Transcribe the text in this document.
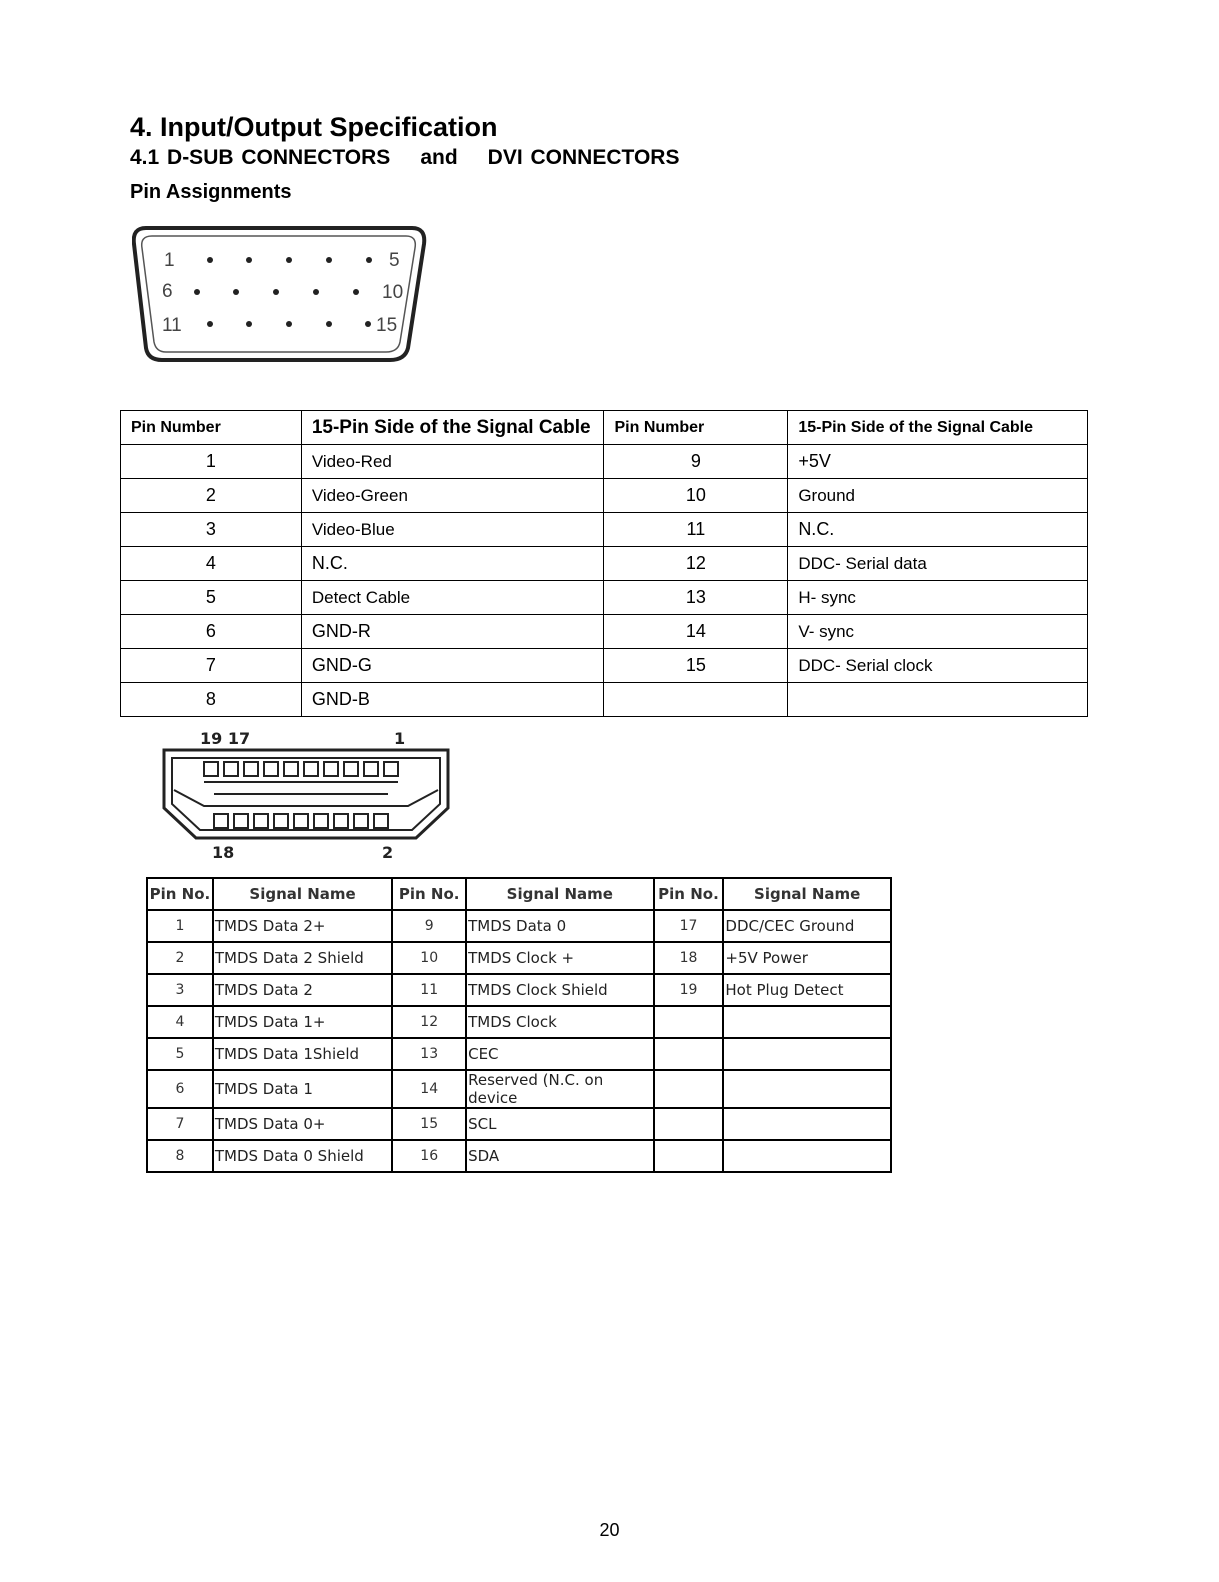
4. Input/Output Specification
4.1 D-SUB CONNECTORS and DVI CONNECTORS
Pin Assignments
1	5
6	10
11	15
Pin Number	15-Pin Side of the Signal Cable	Pin Number	15-Pin Side of the Signal Cable
1	Video-Red	9	+5V
2	Video-Green	10	Ground
3	Video-Blue	11	N.C.
4	N.C.	12	DDC- Serial data
5	Detect Cable	13	H- sync
6	GND-R	14	V- sync
7	GND-G	15	DDC- Serial clock
8	GND-B		
19 17	1
18	2
Pin No.	Signal Name	Pin No.	Signal Name	Pin No.	Signal Name
1	TMDS Data 2+	9	TMDS Data 0	17	DDC/CEC Ground
2	TMDS Data 2 Shield	10	TMDS Clock +	18	+5V Power
3	TMDS Data 2	11	TMDS Clock Shield	19	Hot Plug Detect
4	TMDS Data 1+	12	TMDS Clock		
5	TMDS Data 1Shield	13	CEC		
6	TMDS Data 1	14	Reserved (N.C. on device		
7	TMDS Data 0+	15	SCL		
8	TMDS Data 0 Shield	16	SDA		
20
